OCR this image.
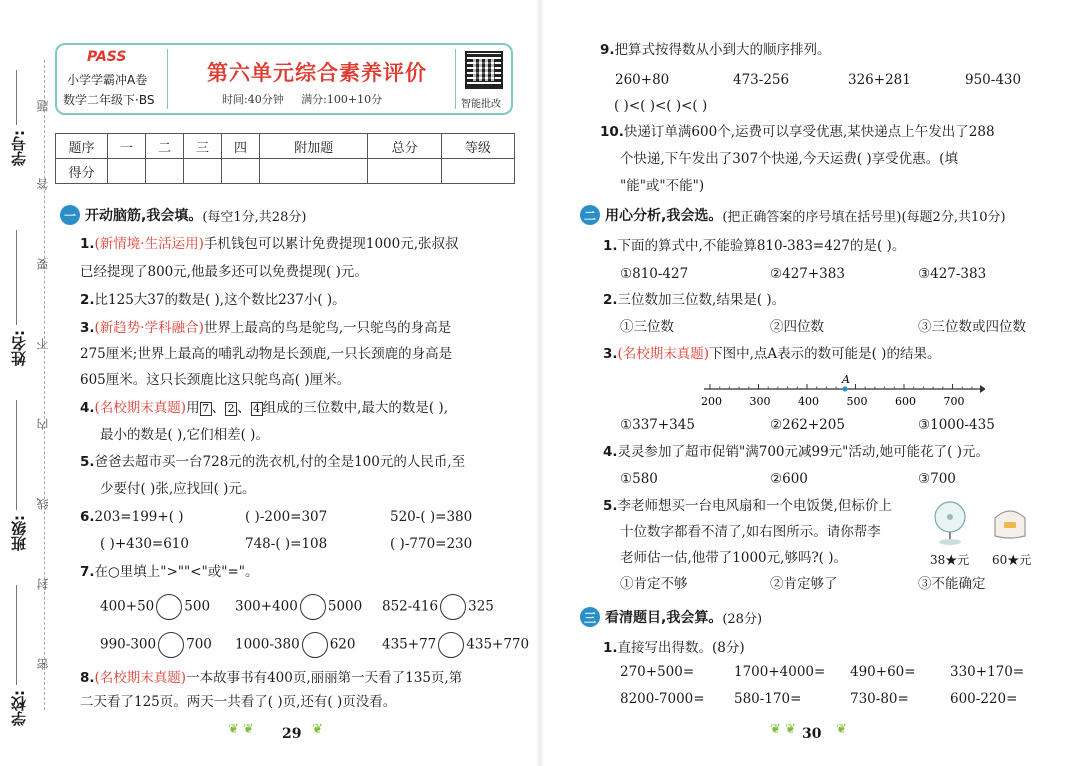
学号:
姓名:
班级:
学校:
题
答
要
不
内
线
封
密
PASS
小学学霸冲A卷
数学二年级下·BS
第六单元综合素养评价
时间:40分钟 满分:100+10分	智能批改
题序	一	二	三	四	附加题	总分	等级
得分							
一 开动脑筋,我会填。 (每空1分,共28分)
1.(新情境·生活运用)手机钱包可以累计免费提现1000元,张叔叔
已经提现了800元,他最多还可以免费提现( )元。
2.比125大37的数是( ),这个数比237小( )。
3.(新趋势·学科融合)世界上最高的鸟是鸵鸟,一只鸵鸟的身高是
275厘米;世界上最高的哺乳动物是长颈鹿,一只长颈鹿的身高是
605厘米。这只长颈鹿比这只鸵鸟高( )厘米。
4.(名校期末真题)用 7 、 2 、 4 组成的三位数中,最大的数是( ),
最小的数是( ),它们相差( )。
5.爸爸去超市买一台728元的洗衣机,付的全是100元的人民币,至
少要付( )张,应找回( )元。
6.203=199+( )	( )-200=307	520-( )=380
( )+430=610	748-( )=108	( )-770=230
7.在○里填上">""<"或"="。
400+50 500 300+400 5000 852-416 325
990-300 700 1000-380 620 435+77 435+770
8.(名校期末真题)一本故事书有400页,丽丽第一天看了135页,第
二天看了125页。两天一共看了( )页,还有( )页没看。
❦ ❦ 29 ❦
9.把算式按得数从小到大的顺序排列。
260+80	473-256	326+281	950-430
( )<( )<( )<( )
10.快递订单满600个,运费可以享受优惠,某快递点上午发出了288
个快递,下午发出了307个快递,今天运费( )享受优惠。(填
"能"或"不能")
二 用心分析,我会选。 (把正确答案的序号填在括号里)(每题2分,共10分)
1.下面的算式中,不能验算810-383=427的是( )。
①810-427	②427+383	③427-383
2.三位数加三位数,结果是( )。
①三位数	②四位数	③三位数或四位数
3.(名校期末真题)下图中,点A表示的数可能是( )的结果。
200	300	400	500	600	700
A
①337+345	②262+205	③1000-435
4.灵灵参加了超市促销"满700元减99元"活动,她可能花了( )元。
①580	②600	③700
5.李老师想买一台电风扇和一个电饭煲,但标价上
十位数字都看不清了,如右图所示。请你帮李
老师估一估,他带了1000元,够吗?( )。	38★元 60★元
①肯定不够	②肯定够了	③不能确定
三 看清题目,我会算。 (28分)
1.直接写出得数。(8分)
270+500=	1700+4000= 490+60=	330+170=
8200-7000= 580-170=	730-80=	600-220=
❦ ❦ 30 ❦
